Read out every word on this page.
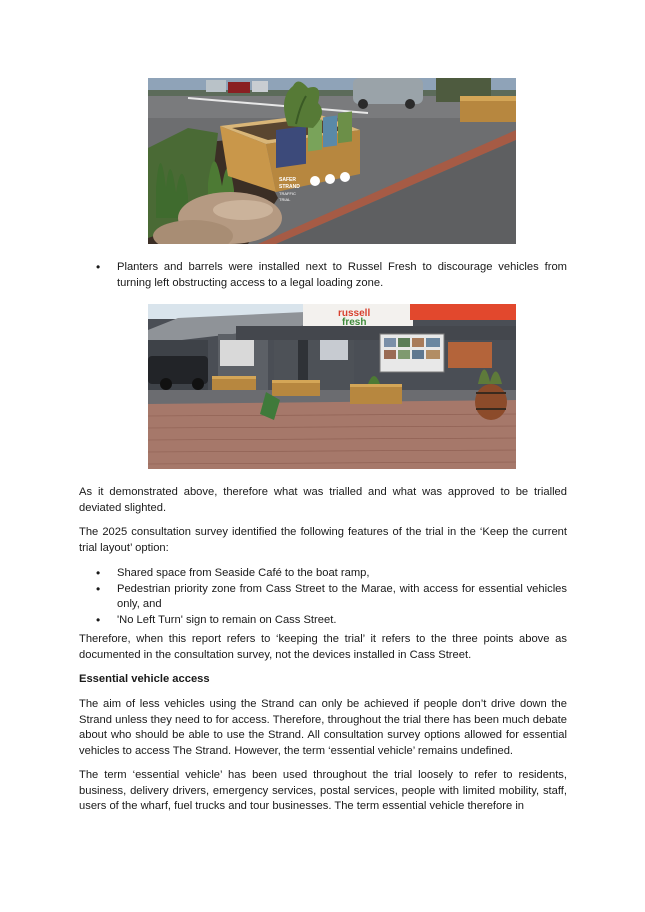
SAFER
STRAND
TRAFFIC
TRIAL
• Planters and barrels were installed next to Russel Fresh to discourage vehicles from turning left obstructing access to a legal loading zone.
russell
fresh

As it demonstrated above, therefore what was trialled and what was approved to be trialled deviated slighted.

The 2025 consultation survey identified the following features of the trial in the ‘Keep the current trial layout’ option:

• Shared space from Seaside Café to the boat ramp,
• Pedestrian priority zone from Cass Street to the Marae, with access for essential vehicles only, and
• 'No Left Turn' sign to remain on Cass Street.

Therefore, when this report refers to ‘keeping the trial’ it refers to the three points above as documented in the consultation survey, not the devices installed in Cass Street.

Essential vehicle access

The aim of less vehicles using the Strand can only be achieved if people don’t drive down the Strand unless they need to for access. Therefore, throughout the trial there has been much debate about who should be able to use the Strand. All consultation survey options allowed for essential vehicles to access The Strand. However, the term ‘essential vehicle’ remains undefined.

The term ‘essential vehicle’ has been used throughout the trial loosely to refer to residents, business, delivery drivers, emergency services, postal services, people with limited mobility, staff, users of the wharf, fuel trucks and tour businesses. The term essential vehicle therefore in
